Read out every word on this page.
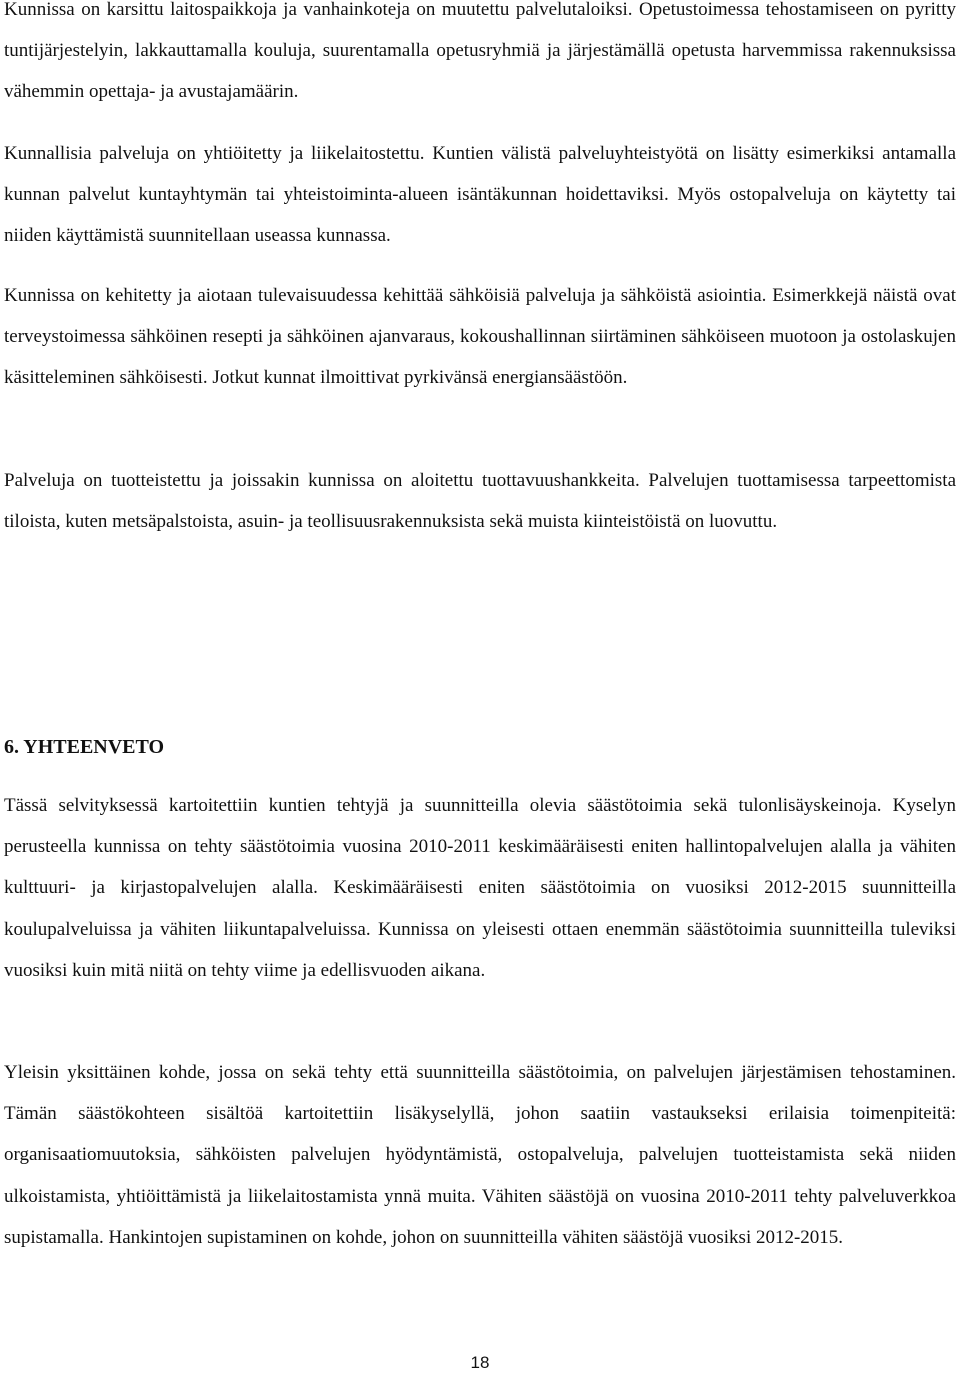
Kunnissa on karsittu laitospaikkoja ja vanhainkoteja on muutettu palvelutaloiksi. Opetustoimessa tehostamiseen on pyritty tuntijärjestelyin, lakkauttamalla kouluja, suurentamalla opetusryhmiä ja järjestämällä opetusta harvemmissa rakennuksissa vähemmin opettaja- ja avustajamäärin.

Kunnallisia palveluja on yhtiöitetty ja liikelaitostettu. Kuntien välistä palveluyhteistyötä on lisätty esimerkiksi antamalla kunnan palvelut kuntayhtymän tai yhteistoiminta-alueen isäntäkunnan hoidettaviksi. Myös ostopalveluja on käytetty tai niiden käyttämistä suunnitellaan useassa kunnassa.

Kunnissa on kehitetty ja aiotaan tulevaisuudessa kehittää sähköisiä palveluja ja sähköistä asiointia. Esimerkkejä näistä ovat terveystoimessa sähköinen resepti ja sähköinen ajanvaraus, kokoushallinnan siirtäminen sähköiseen muotoon ja ostolaskujen käsitteleminen sähköisesti. Jotkut kunnat ilmoittivat pyrkivänsä energiansäästöön.

Palveluja on tuotteistettu ja joissakin kunnissa on aloitettu tuottavuushankkeita. Palvelujen tuottamisessa tarpeettomista tiloista, kuten metsäpalstoista, asuin- ja teollisuusrakennuksista sekä muista kiinteistöistä on luovuttu.

6. YHTEENVETO

Tässä selvityksessä kartoitettiin kuntien tehtyjä ja suunnitteilla olevia säästötoimia sekä tulonlisäyskeinoja. Kyselyn perusteella kunnissa on tehty säästötoimia vuosina 2010-2011 keskimääräisesti eniten hallintopalvelujen alalla ja vähiten kulttuuri- ja kirjastopalvelujen alalla. Keskimääräisesti eniten säästötoimia on vuosiksi 2012-2015 suunnitteilla koulupalveluissa ja vähiten liikuntapalveluissa. Kunnissa on yleisesti ottaen enemmän säästötoimia suunnitteilla tuleviksi vuosiksi kuin mitä niitä on tehty viime ja edellisvuoden aikana.

Yleisin yksittäinen kohde, jossa on sekä tehty että suunnitteilla säästötoimia, on palvelujen järjestämisen tehostaminen. Tämän säästökohteen sisältöä kartoitettiin lisäkyselyllä, johon saatiin vastaukseksi erilaisia toimenpiteitä: organisaatiomuutoksia, sähköisten palvelujen hyödyntämistä, ostopalveluja, palvelujen tuotteistamista sekä niiden ulkoistamista, yhtiöittämistä ja liikelaitostamista ynnä muita. Vähiten säästöjä on vuosina 2010-2011 tehty palveluverkkoa supistamalla. Hankintojen supistaminen on kohde, johon on suunnitteilla vähiten säästöjä vuosiksi 2012-2015.

18
